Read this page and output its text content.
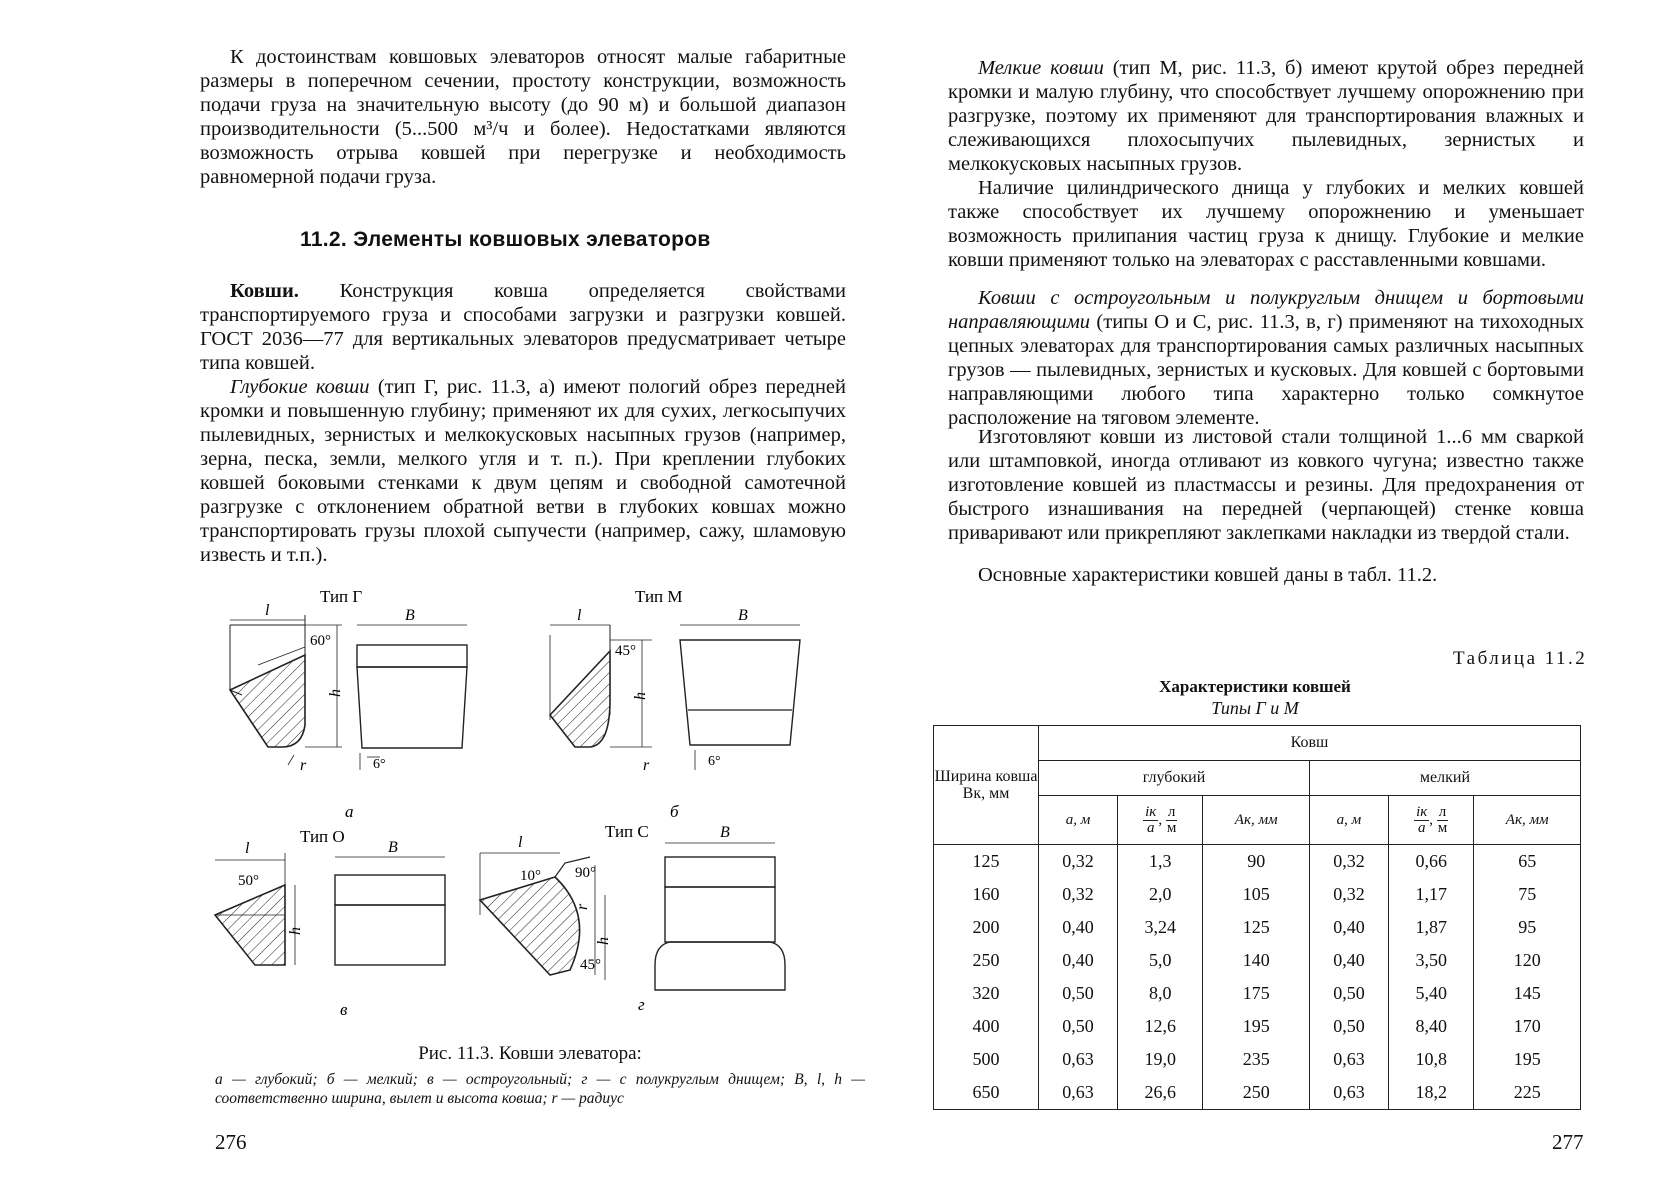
К достоинствам ковшовых элеваторов относят малые габаритные размеры в поперечном сечении, простоту конструкции, возможность подачи груза на значительную высоту (до 90 м) и большой диапазон производительности (5...500 м³/ч и более). Недостатками являются возможность отрыва ковшей при перегрузке и необходимость равномерной подачи груза.

11.2. Элементы ковшовых элеваторов

Ковши. Конструкция ковша определяется свойствами транспортируемого груза и способами загрузки и разгрузки ковшей. ГОСТ 2036—77 для вертикальных элеваторов предусматривает четыре типа ковшей.

Глубокие ковши (тип Г, рис. 11.3, а) имеют пологий обрез передней кромки и повышенную глубину; применяют их для сухих, легкосыпучих пылевидных, зернистых и мелкокусковых насыпных грузов (например, зерна, песка, земли, мелкого угля и т. п.). При креплении глубоких ковшей боковыми стенками к двум цепям и свободной самотечной разгрузке с отклонением обратной ветви в глубоких ковшах можно транспортировать грузы плохой сыпучести (например, сажу, шламовую известь и т.п.).

h
l
60°
r
Тип Г
B
6°
а
h
l
45°
r
Тип М
B
6°
б
h
l
50°
Тип О
B
в
h
r
l
10° 90°
45°
Тип С	B
г

Рис. 11.3. Ковши элеватора:

а — глубокий; б — мелкий; в — остроугольный; г — с полукруглым днищем; B, l, h — соответственно ширина, вылет и высота ковша; r — радиус

276

Мелкие ковши (тип М, рис. 11.3, б) имеют крутой обрез передней кромки и малую глубину, что способствует лучшему опорожнению при разгрузке, поэтому их применяют для транспортирования влажных и слеживающихся плохосыпучих пылевидных, зернистых и мелкокусковых насыпных грузов.

Наличие цилиндрического днища у глубоких и мелких ковшей также способствует их лучшему опорожнению и уменьшает возможность прилипания частиц груза к днищу. Глубокие и мелкие ковши применяют только на элеваторах с расставленными ковшами.

Ковши с остроугольным и полукруглым днищем и бортовыми направляющими (типы О и С, рис. 11.3, в, г) применяют на тихоходных цепных элеваторах для транспортирования самых различных насыпных грузов — пылевидных, зернистых и кусковых. Для ковшей с бортовыми направляющими любого типа характерно только сомкнутое расположение на тяговом элементе.

Изготовляют ковши из листовой стали толщиной 1...6 мм сваркой или штамповкой, иногда отливают из ковкого чугуна; известно также изготовление ковшей из пластмассы и резины. Для предохранения от быстрого изнашивания на передней (черпающей) стенке ковша приваривают или прикрепляют заклепками накладки из твердой стали.

Основные характеристики ковшей даны в табл. 11.2.

Таблица 11.2
Характеристики ковшей
Типы Г и М
Ширина ковша Bк, мм	Ковш					
	глубокий			мелкий		
	а, м	$\frac{iк}{а}$ , $\frac{л}{м}$	Ак, мм	а, м	$\frac{iк}{а}$ , $\frac{л}{м}$	Ак, мм
125	0,32	1,3	90	0,32	0,66	65
160	0,32	2,0	105	0,32	1,17	75
200	0,40	3,24	125	0,40	1,87	95
250	0,40	5,0	140	0,40	3,50	120
320	0,50	8,0	175	0,50	5,40	145
400	0,50	12,6	195	0,50	8,40	170
500	0,63	19,0	235	0,63	10,8	195
650	0,63	26,6	250	0,63	18,2	225
277
